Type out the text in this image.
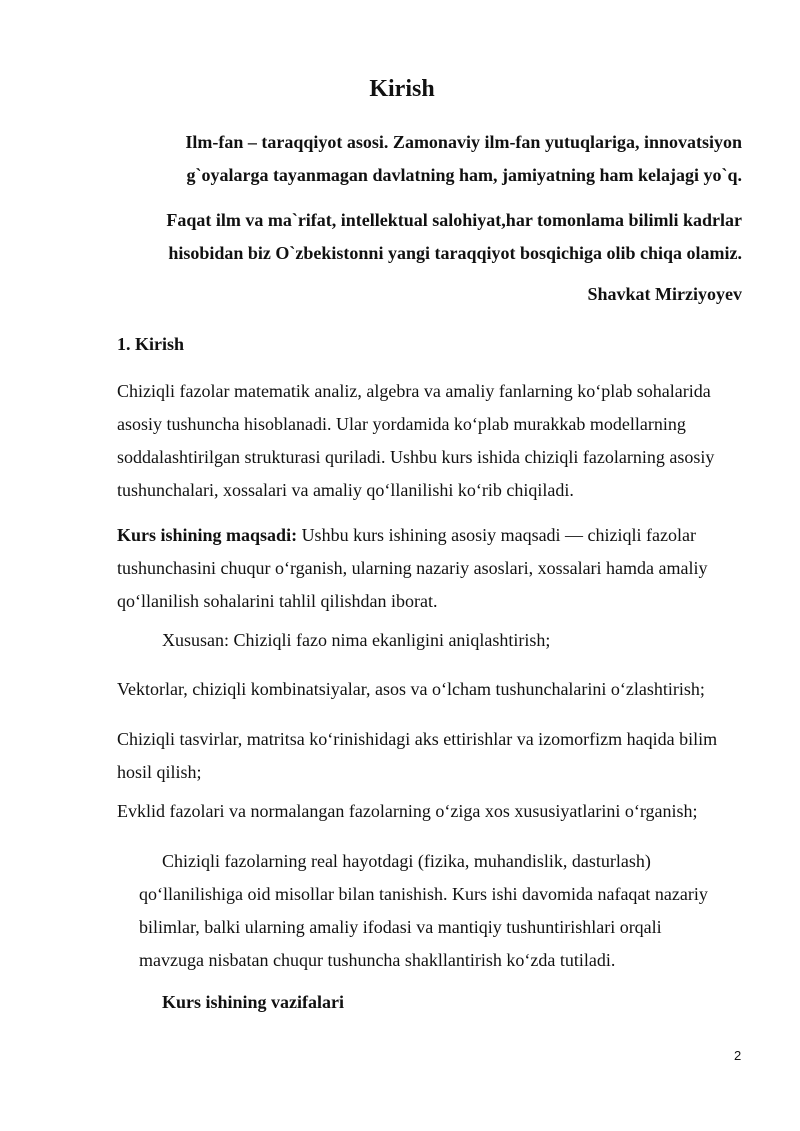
Kirish
Ilm-fan – taraqqiyot asosi. Zamonaviy ilm-fan yutuqlariga, innovatsiyon g`oyalarga tayanmagan davlatning ham, jamiyatning ham kelajagi yo`q.
Faqat ilm va ma`rifat, intellektual salohiyat,har tomonlama bilimli kadrlar hisobidan biz O`zbekistonni yangi taraqqiyot bosqichiga olib chiqa olamiz.
Shavkat Mirziyoyev
1. Kirish
Chiziqli fazolar matematik analiz, algebra va amaliy fanlarning ko‘plab sohalarida asosiy tushuncha hisoblanadi. Ular yordamida ko‘plab murakkab modellarning soddalashtirilgan strukturasi quriladi. Ushbu kurs ishida chiziqli fazolarning asosiy tushunchalari, xossalari va amaliy qo‘llanilishi ko‘rib chiqiladi.
Kurs ishining maqsadi: Ushbu kurs ishining asosiy maqsadi — chiziqli fazolar tushunchasini chuqur o‘rganish, ularning nazariy asoslari, xossalari hamda amaliy qo‘llanilish sohalarini tahlil qilishdan iborat.
Xususan: Chiziqli fazo nima ekanligini aniqlashtirish;
Vektorlar, chiziqli kombinatsiyalar, asos va o‘lcham tushunchalarini o‘zlashtirish;
Chiziqli tasvirlar, matritsa ko‘rinishidagi aks ettirishlar va izomorfizm haqida bilim hosil qilish;
Evklid fazolari va normalangan fazolarning o‘ziga xos xususiyatlarini o‘rganish;
Chiziqli fazolarning real hayotdagi (fizika, muhandislik, dasturlash) qo‘llanilishiga oid misollar bilan tanishish. Kurs ishi davomida nafaqat nazariy bilimlar, balki ularning amaliy ifodasi va mantiqiy tushuntirishlari orqali mavzuga nisbatan chuqur tushuncha shakllantirish ko‘zda tutiladi.
Kurs ishining vazifalari
2
